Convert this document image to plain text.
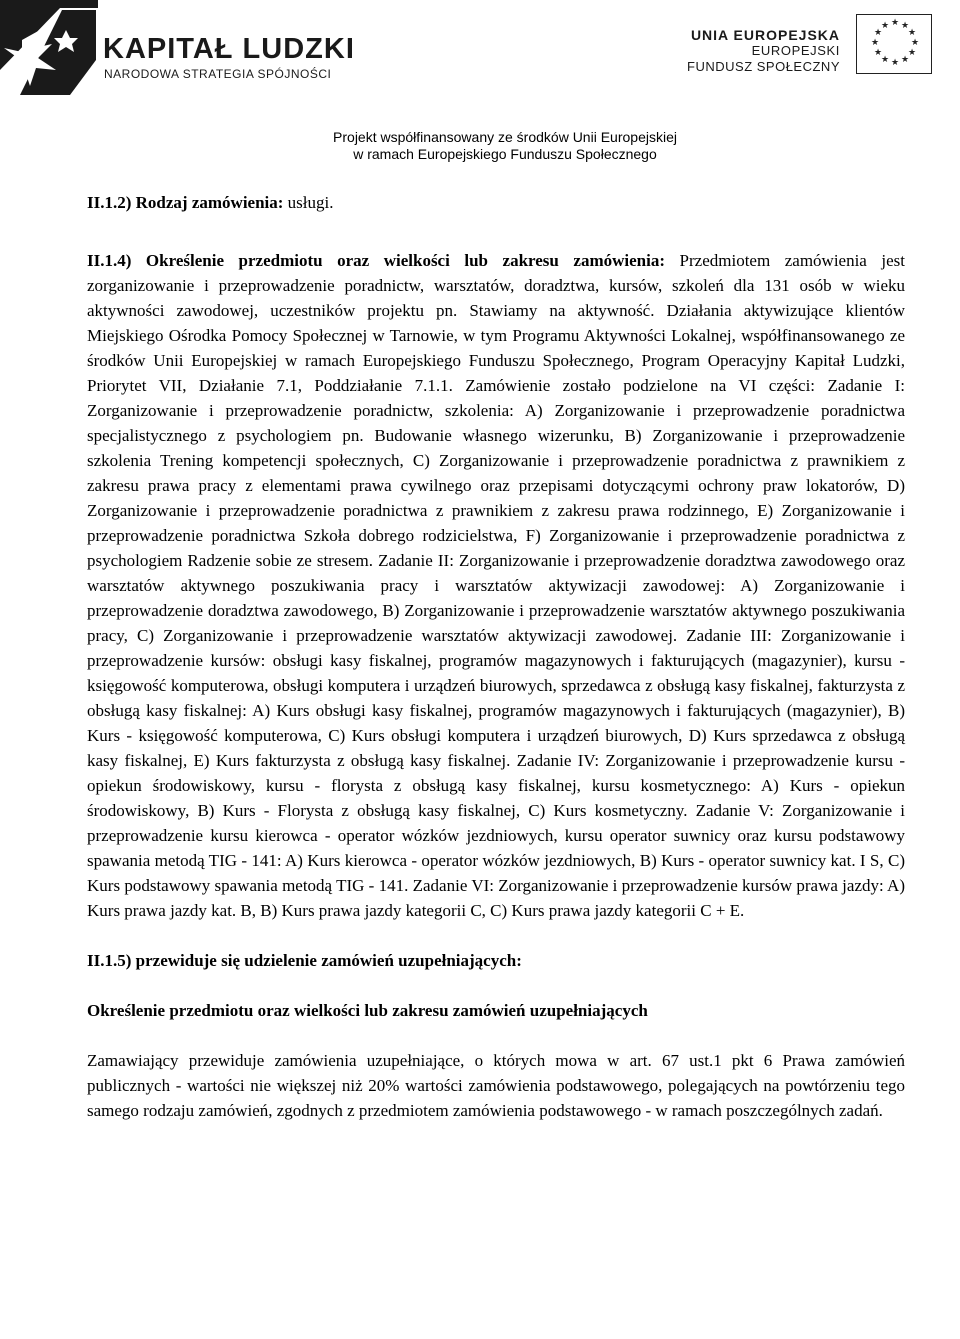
KAPITAŁ LUDZKI
NARODOWA STRATEGIA SPÓJNOŚCI
UNIA EUROPEJSKA
EUROPEJSKI
FUNDUSZ SPOŁECZNY
★ ★
★
★
★
★
★
★
★
★
★
★
Projekt współfinansowany ze środków Unii Europejskiej
w ramach Europejskiego Funduszu Społecznego

II.1.2) Rodzaj zamówienia: usługi.

II.1.4) Określenie przedmiotu oraz wielkości lub zakresu zamówienia: Przedmiotem zamówienia jest zorganizowanie i przeprowadzenie poradnictw, warsztatów, doradztwa, kursów, szkoleń dla 131 osób w wieku aktywności zawodowej, uczestników projektu pn. Stawiamy na aktywność. Działania aktywizujące klientów Miejskiego Ośrodka Pomocy Społecznej w Tarnowie, w tym Programu Aktywności Lokalnej, współfinansowanego ze środków Unii Europejskiej w ramach Europejskiego Funduszu Społecznego, Program Operacyjny Kapitał Ludzki, Priorytet VII, Działanie 7.1, Poddziałanie 7.1.1. Zamówienie zostało podzielone na VI części: Zadanie I: Zorganizowanie i przeprowadzenie poradnictw, szkolenia: A) Zorganizowanie i przeprowadzenie poradnictwa specjalistycznego z psychologiem pn. Budowanie własnego wizerunku, B) Zorganizowanie i przeprowadzenie szkolenia Trening kompetencji społecznych, C) Zorganizowanie i przeprowadzenie poradnictwa z prawnikiem z zakresu prawa pracy z elementami prawa cywilnego oraz przepisami dotyczącymi ochrony praw lokatorów, D) Zorganizowanie i przeprowadzenie poradnictwa z prawnikiem z zakresu prawa rodzinnego, E) Zorganizowanie i przeprowadzenie poradnictwa Szkoła dobrego rodzicielstwa, F) Zorganizowanie i przeprowadzenie poradnictwa z psychologiem Radzenie sobie ze stresem. Zadanie II: Zorganizowanie i przeprowadzenie doradztwa zawodowego oraz warsztatów aktywnego poszukiwania pracy i warsztatów aktywizacji zawodowej: A) Zorganizowanie i przeprowadzenie doradztwa zawodowego, B) Zorganizowanie i przeprowadzenie warsztatów aktywnego poszukiwania pracy, C) Zorganizowanie i przeprowadzenie warsztatów aktywizacji zawodowej. Zadanie III: Zorganizowanie i przeprowadzenie kursów: obsługi kasy fiskalnej, programów magazynowych i fakturujących (magazynier), kursu - księgowość komputerowa, obsługi komputera i urządzeń biurowych, sprzedawca z obsługą kasy fiskalnej, fakturzysta z obsługą kasy fiskalnej: A) Kurs obsługi kasy fiskalnej, programów magazynowych i fakturujących (magazynier), B) Kurs - księgowość komputerowa, C) Kurs obsługi komputera i urządzeń biurowych, D) Kurs sprzedawca z obsługą kasy fiskalnej, E) Kurs fakturzysta z obsługą kasy fiskalnej. Zadanie IV: Zorganizowanie i przeprowadzenie kursu - opiekun środowiskowy, kursu - florysta z obsługą kasy fiskalnej, kursu kosmetycznego: A) Kurs - opiekun środowiskowy, B) Kurs - Florysta z obsługą kasy fiskalnej, C) Kurs kosmetyczny. Zadanie V: Zorganizowanie i przeprowadzenie kursu kierowca - operator wózków jezdniowych, kursu operator suwnicy oraz kursu podstawowy spawania metodą TIG - 141: A) Kurs kierowca - operator wózków jezdniowych, B) Kurs - operator suwnicy kat. I S, C) Kurs podstawowy spawania metodą TIG - 141. Zadanie VI: Zorganizowanie i przeprowadzenie kursów prawa jazdy: A) Kurs prawa jazdy kat. B, B) Kurs prawa jazdy kategorii C, C) Kurs prawa jazdy kategorii C + E.

II.1.5) przewiduje się udzielenie zamówień uzupełniających:

Określenie przedmiotu oraz wielkości lub zakresu zamówień uzupełniających

Zamawiający przewiduje zamówienia uzupełniające, o których mowa w art. 67 ust.1 pkt 6 Prawa zamówień publicznych - wartości nie większej niż 20% wartości zamówienia podstawowego, polegających na powtórzeniu tego samego rodzaju zamówień, zgodnych z przedmiotem zamówienia podstawowego - w ramach poszczególnych zadań.
